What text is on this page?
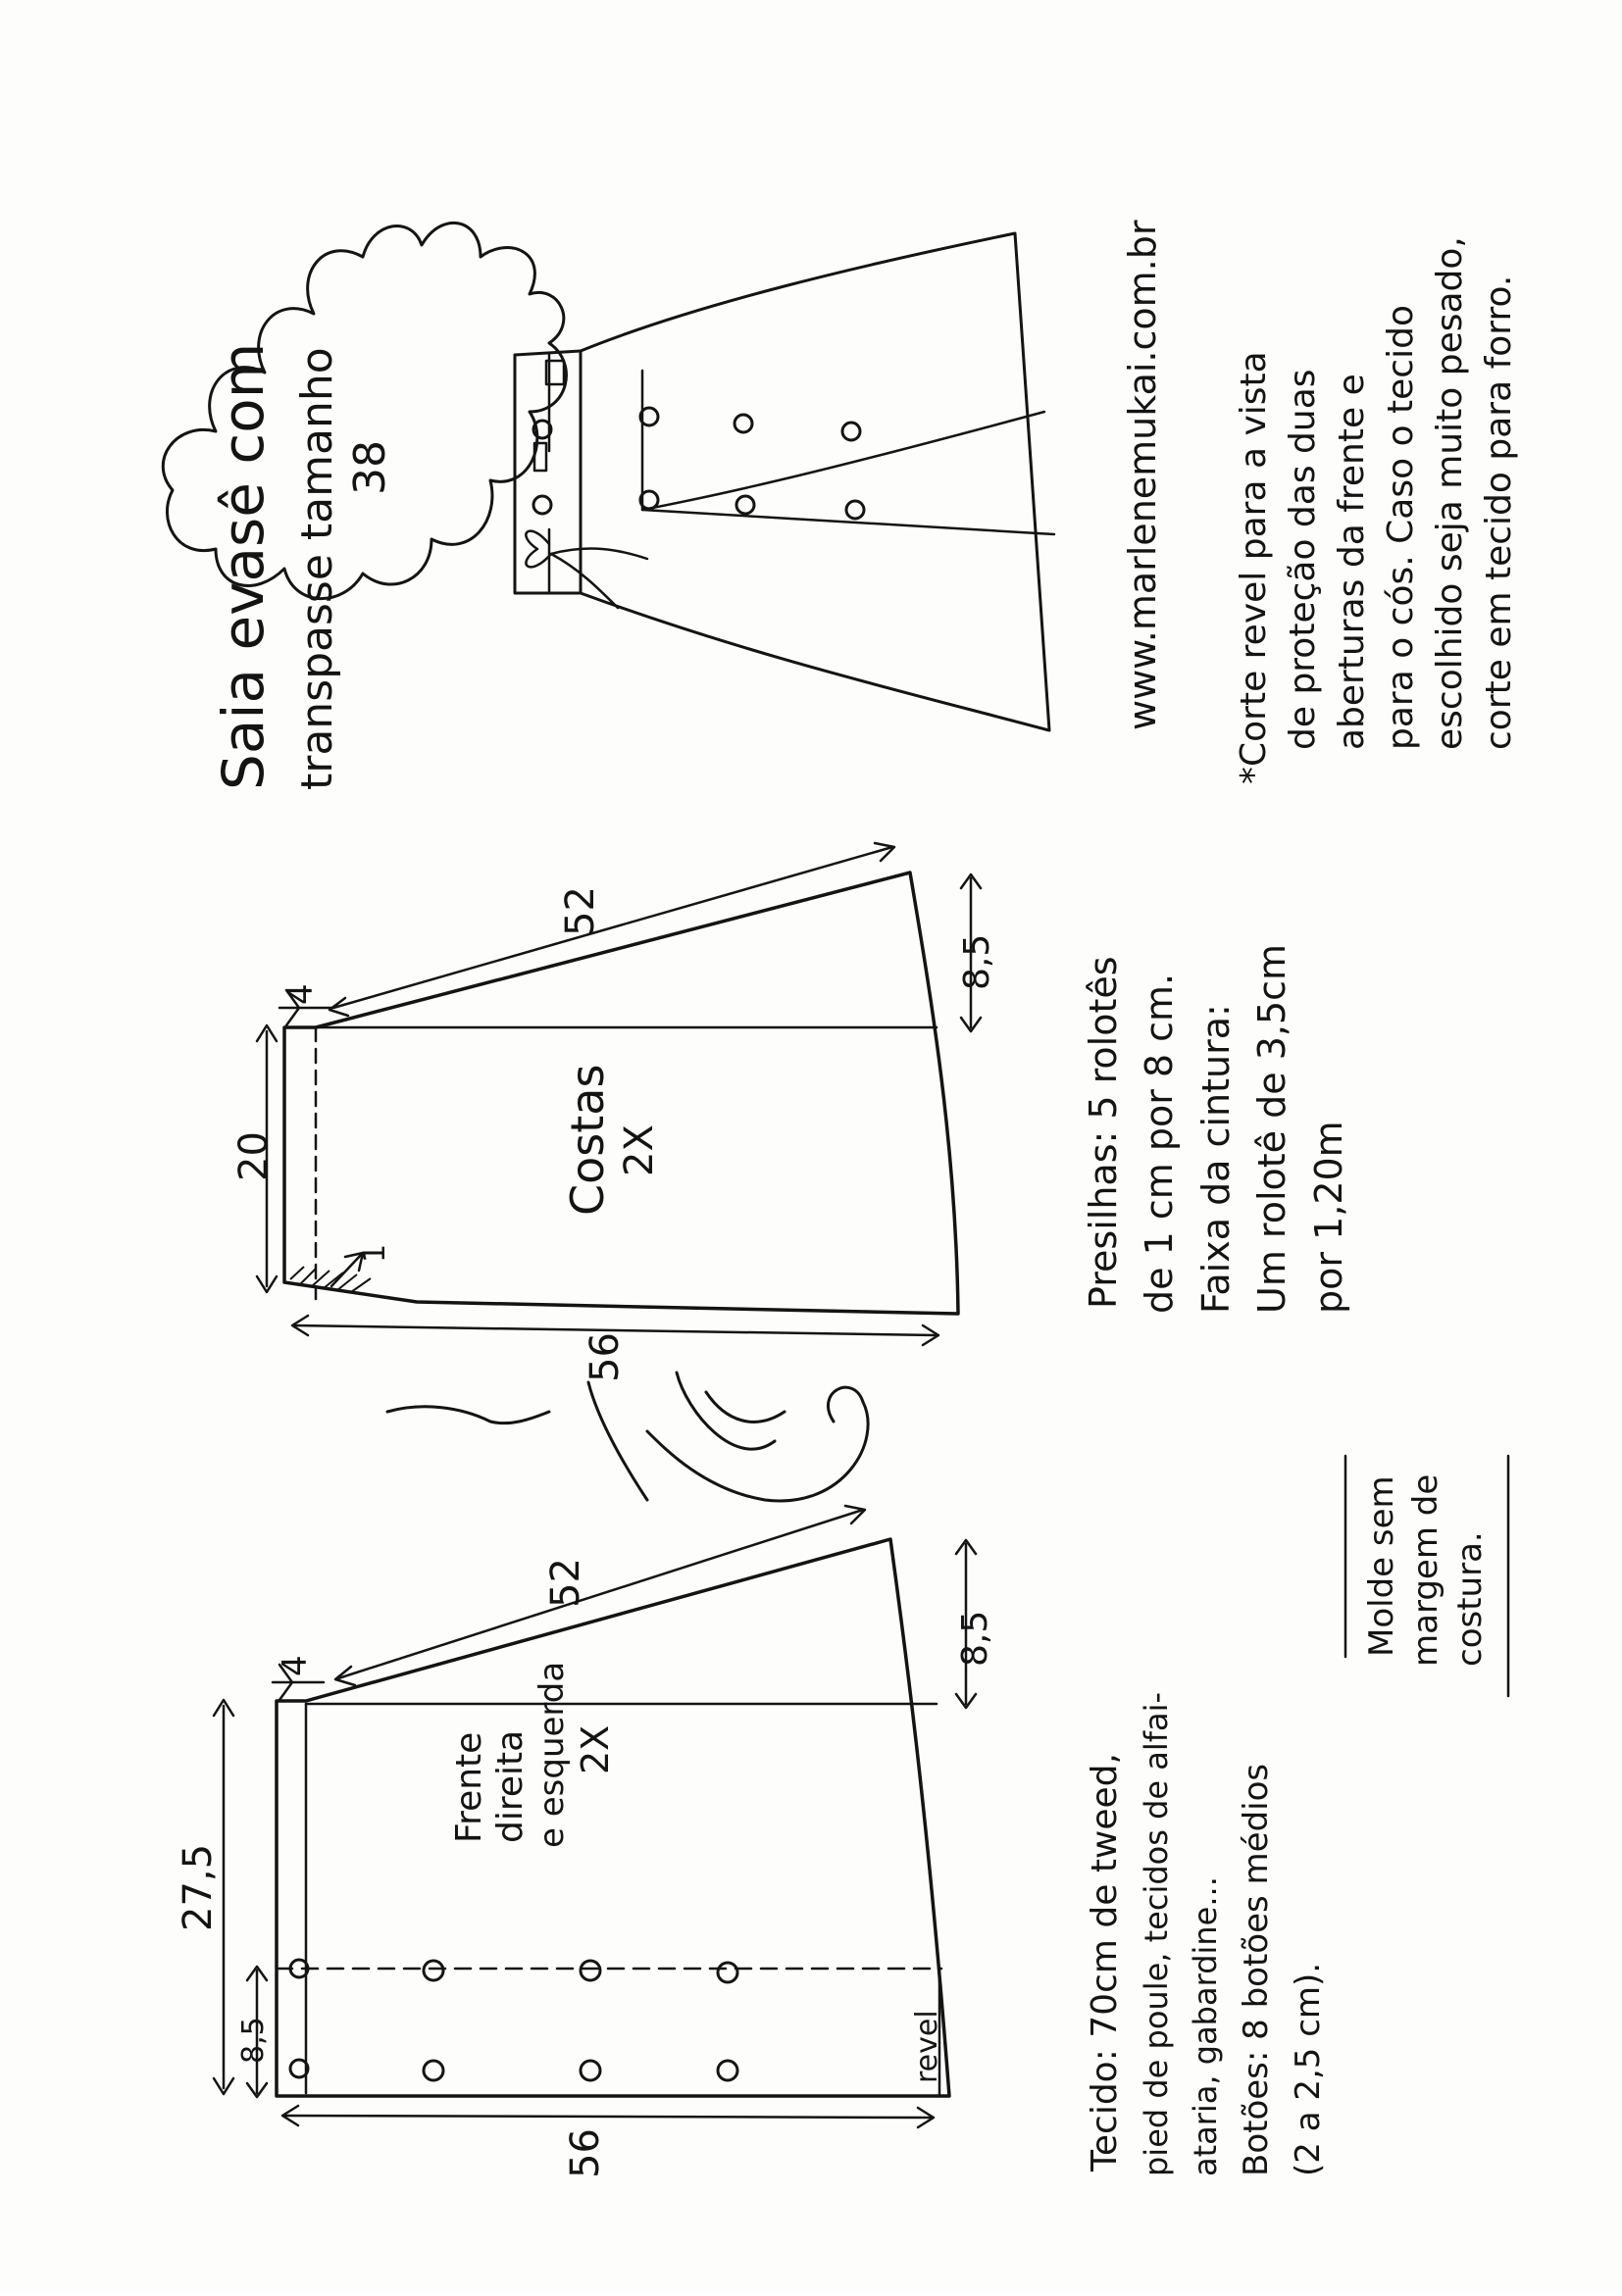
Saia evasê com transpasse tamanho 38	www.marlenemukai.com.br *Corte revel para a vista de proteção das duas aberturas da frente e para o cós. Caso o tecido escolhido seja muito pesado, corte em tecido para forro.
Costas 2X
52
20
56
4
8,5
1
Frente direita e esquerda 2X
52
27,5
56
4	8,5
8,5	revel
Presilhas: 5 rolotês de 1 cm por 8 cm. Faixa da cintura: Um rolotê de 3,5cm por 1,20m
Tecido: 70cm de tweed, pied de poule, tecidos de alfai- ataria, gabardine... Botões: 8 botões médios (2 a 2,5 cm).
Molde sem margem de costura.
